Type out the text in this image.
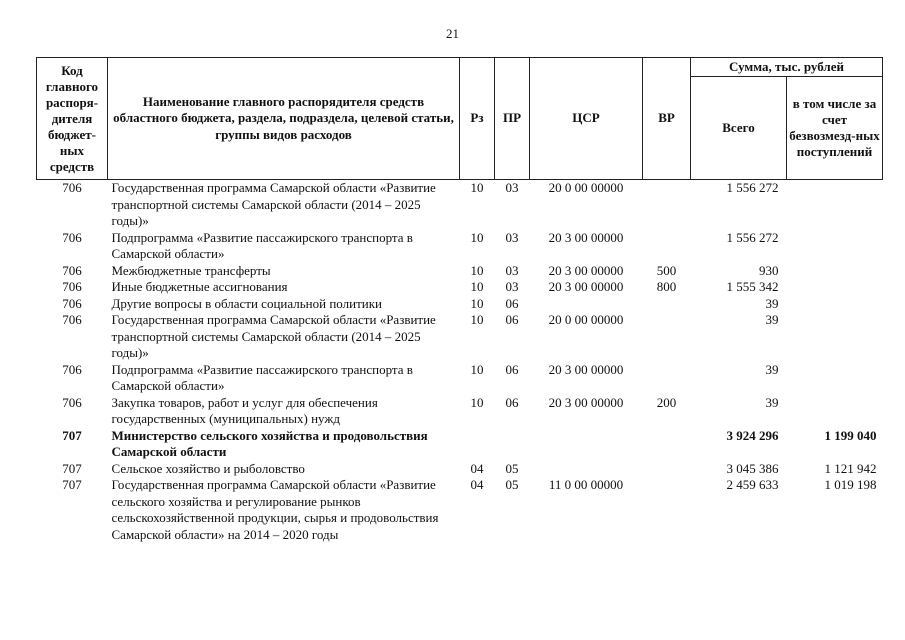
21
Код главного распоря-дителя бюджет-ных средств	Наименование главного распорядителя средств областного бюджета, раздела, подраздела, целевой статьи, группы видов расходов	Рз	ПР	ЦСР	ВР	Сумма, тыс. рублей	
						Всего	в том числе за счет безвозмезд-ных поступлений
706	Государственная программа Самарской области «Развитие транспортной системы Самарской области (2014 – 2025 годы)»	10	03	20 0 00 00000		1 556 272	
706	Подпрограмма «Развитие пассажирского транспорта в Самарской области»	10	03	20 3 00 00000		1 556 272	
706	Межбюджетные трансферты	10	03	20 3 00 00000	500	930	
706	Иные бюджетные ассигнования	10	03	20 3 00 00000	800	1 555 342	
706	Другие вопросы в области социальной политики	10	06			39	
706	Государственная программа Самарской области «Развитие транспортной системы Самарской области (2014 – 2025 годы)»	10	06	20 0 00 00000		39	
706	Подпрограмма «Развитие пассажирского транспорта в Самарской области»	10	06	20 3 00 00000		39	
706	Закупка товаров, работ и услуг для обеспечения государственных (муниципальных) нужд	10	06	20 3 00 00000	200	39	
707	Министерство сельского хозяйства и продовольствия Самарской области					3 924 296	1 199 040
707	Сельское хозяйство и рыболовство	04	05			3 045 386	1 121 942
707	Государственная программа Самарской области «Развитие сельского хозяйства и регулирование рынков сельскохозяйственной продукции, сырья и продовольствия Самарской области» на 2014 – 2020 годы	04	05	11 0 00 00000		2 459 633	1 019 198
